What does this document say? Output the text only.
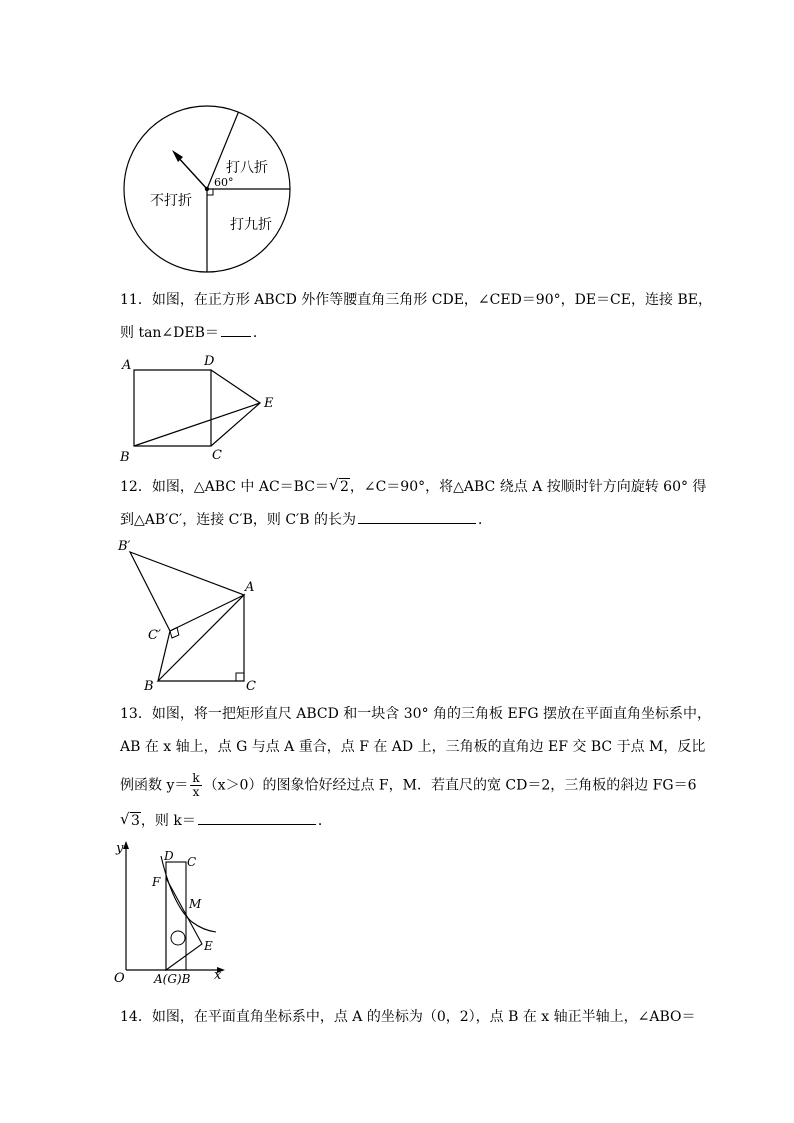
打八折
不打折
打九折
60°
11．如图，在正方形 ABCD 外作等腰直角三角形 CDE，∠CED＝90°，DE＝CE，连接 BE，
则 tan∠DEB＝ ．
A	D
E
B	C
12．如图，△ABC 中 AC＝BC＝√ 2，∠C＝90°，将△ABC 绕点 A 按顺时针方向旋转 60° 得
到△AB′C′，连接 C′B，则 C′B 的长为	．
B′
A
C′
B	C
13．如图，将一把矩形直尺 ABCD 和一块含 30° 角的三角板 EFG 摆放在平面直角坐标系中，
AB 在 x 轴上，点 G 与点 A 重合，点 F 在 AD 上，三角板的直角边 EF 交 BC 于点 M，反比
例函数 $y= \frac{k}{x} (x>0)$的图象恰好经过点 F，M．若直尺的宽 CD＝2，三角板的斜边 FG＝6
√ 3，则 k＝	．
y
x
O
D C
F
M
E
A(G)B
14．如图，在平面直角坐标系中，点 A 的坐标为（0，2），点 B 在 x 轴正半轴上，∠ABO＝
